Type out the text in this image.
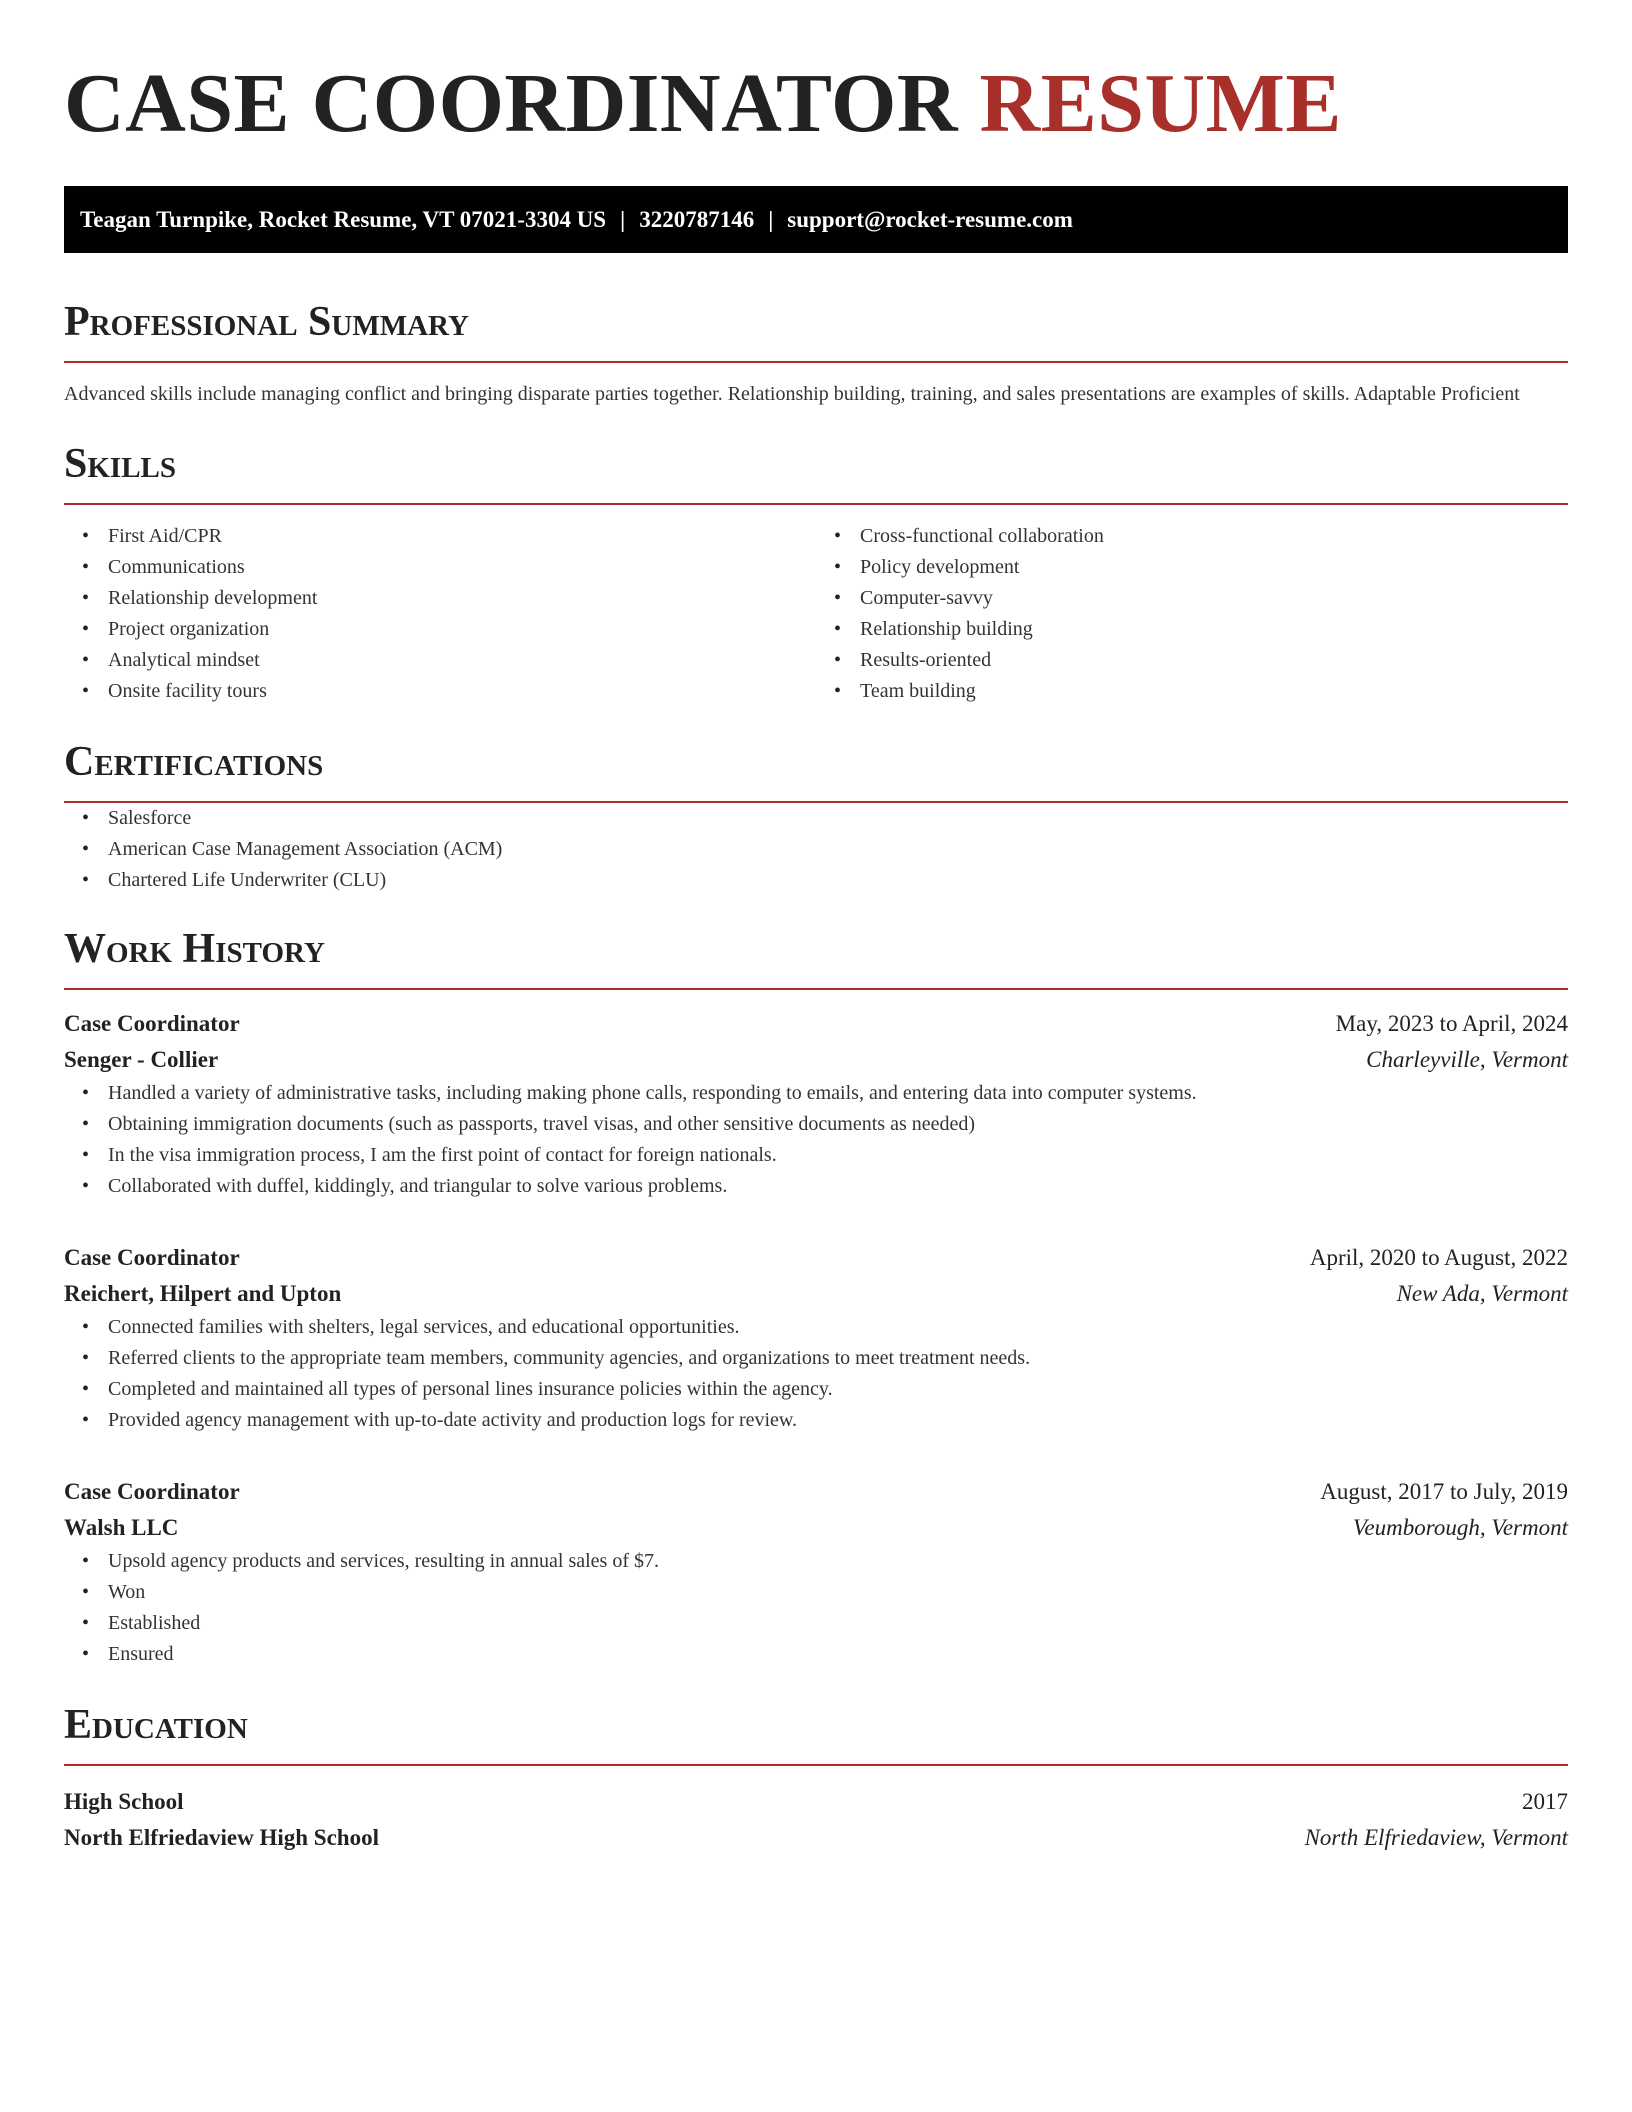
CASE COORDINATOR RESUME
Teagan Turnpike, Rocket Resume, VT 07021-3304 US | 3220787146 | support@rocket-resume.com
Professional Summary

Advanced skills include managing conflict and bringing disparate parties together. Relationship building, training, and sales presentations are examples of skills. Adaptable Proficient

Skills
• First Aid/CPR
• Communications
• Relationship development
• Project organization
• Analytical mindset
• Onsite facility tours
• Cross-functional collaboration
• Policy development
• Computer-savvy
• Relationship building
• Results-oriented
• Team building
Certifications
• Salesforce
• American Case Management Association (ACM)
• Chartered Life Underwriter (CLU)
Work History
Case Coordinator	May, 2023 to April, 2024
Senger - Collier	Charleyville, Vermont
• Handled a variety of administrative tasks, including making phone calls, responding to emails, and entering data into computer systems.
• Obtaining immigration documents (such as passports, travel visas, and other sensitive documents as needed)
• In the visa immigration process, I am the first point of contact for foreign nationals.
• Collaborated with duffel, kiddingly, and triangular to solve various problems.
Case Coordinator	April, 2020 to August, 2022
Reichert, Hilpert and Upton	New Ada, Vermont
• Connected families with shelters, legal services, and educational opportunities.
• Referred clients to the appropriate team members, community agencies, and organizations to meet treatment needs.
• Completed and maintained all types of personal lines insurance policies within the agency.
• Provided agency management with up-to-date activity and production logs for review.
Case Coordinator	August, 2017 to July, 2019
Walsh LLC	Veumborough, Vermont
• Upsold agency products and services, resulting in annual sales of $7.
• Won
• Established
• Ensured
Education
High School	2017
North Elfriedaview High School	North Elfriedaview, Vermont
